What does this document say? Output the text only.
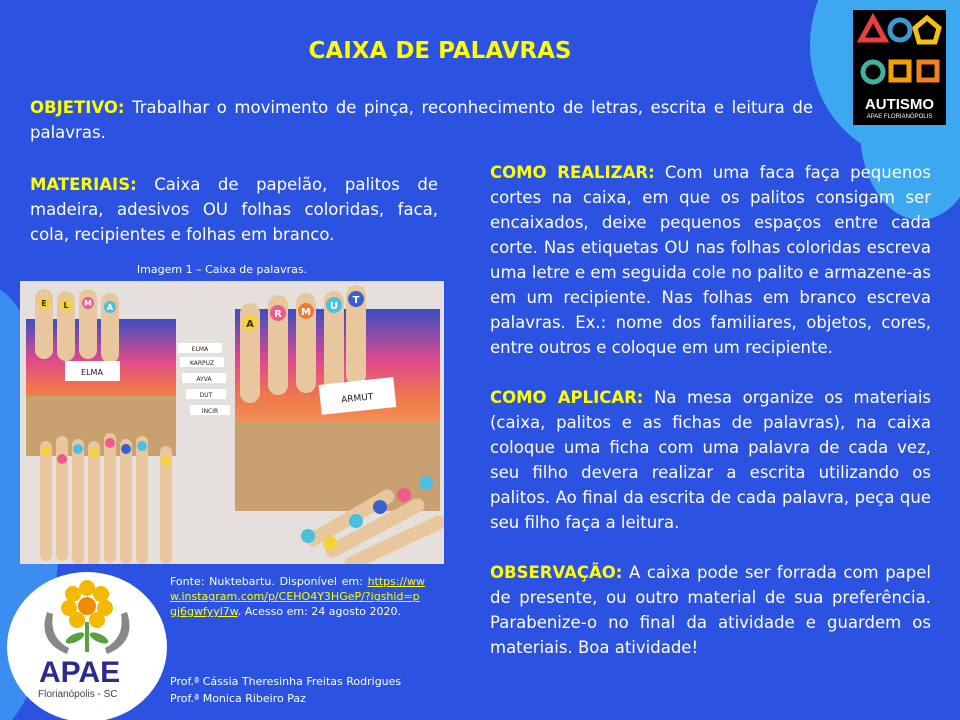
CAIXA DE PALAVRAS
OBJETIVO: Trabalhar o movimento de pinça, reconhecimento de letras, escrita e leitura de palavras.
MATERIAIS: Caixa de papelão, palitos de madeira, adesivos OU folhas coloridas, faca, cola, recipientes e folhas em branco.
Imagem 1 – Caixa de palavras.
E L M A
ELMA
ELMA
KARPUZ
AYVA
DUT
INCIR
A
R M
U
T
ARMUT

COMO REALIZAR: Com uma faca faça pequenos cortes na caixa, em que os palitos consigam ser encaixados, deixe pequenos espaços entre cada corte. Nas etiquetas OU nas folhas coloridas escreva uma letre e em seguida cole no palito e armazene-as em um recipiente. Nas folhas em branco escreva palavras. Ex.: nome dos familiares, objetos, cores, entre outros e coloque em um recipiente.

COMO APLICAR: Na mesa organize os materiais (caixa, palitos e as fichas de palavras), na caixa coloque uma ficha com uma palavra de cada vez, seu filho devera realizar a escrita utilizando os palitos. Ao final da escrita de cada palavra, peça que seu filho faça a leitura.

OBSERVAÇÃO: A caixa pode ser forrada com papel de presente, ou outro material de sua preferência. Parabenize-o no final da atividade e guardem os materiais. Boa atividade!

APAE
Florianópolis - SC
Fonte: Nuktebartu. Disponível em: https://www.instagram.com/p/CEHO4Y3HGeP/?igshid=pgj6gwfyyl7w. Acesso em: 24 agosto 2020.
Prof.ª Cássia Theresinha Freitas Rodrigues
Prof.ª Monica Ribeiro Paz
AUTISMO
APAE FLORIANÓPOLIS
